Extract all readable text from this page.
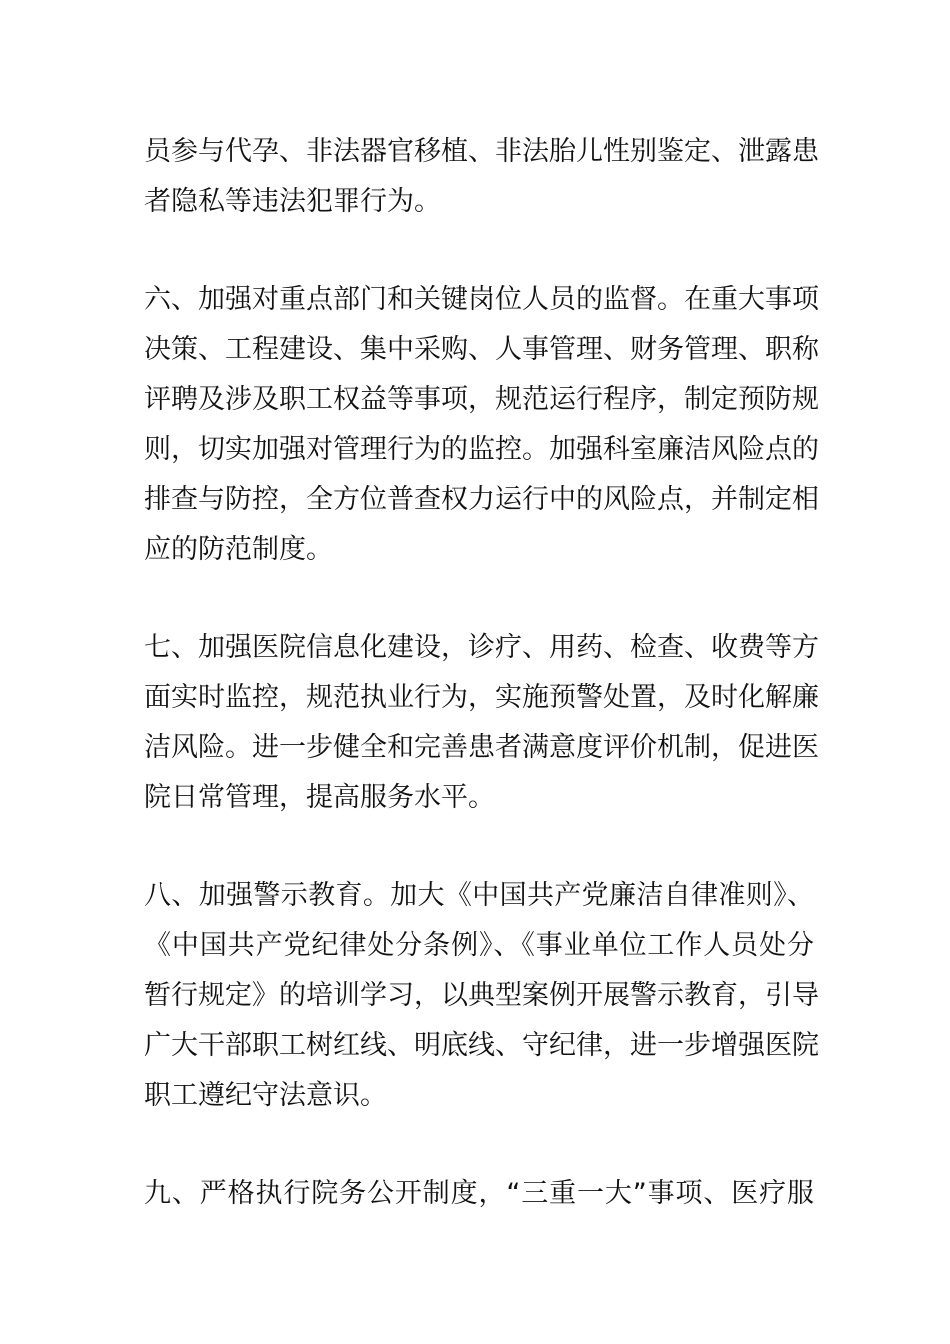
员参与代孕、非法器官移植、非法胎儿性别鉴定、泄露患
者隐私等违法犯罪行为。

六、加强对重点部门和关键岗位人员的监督。在重大事项
决策、工程建设、集中采购、人事管理、财务管理、职称
评聘及涉及职工权益等事项，规范运行程序，制定预防规
则，切实加强对管理行为的监控。加强科室廉洁风险点的
排查与防控，全方位普查权力运行中的风险点，并制定相
应的防范制度。

七、加强医院信息化建设，诊疗、用药、检查、收费等方
面实时监控，规范执业行为，实施预警处置，及时化解廉
洁风险。进一步健全和完善患者满意度评价机制，促进医
院日常管理，提高服务水平。

八、加强警示教育。加大《中国共产党廉洁自律准则》、
《中国共产党纪律处分条例》、《事业单位工作人员处分
暂行规定》的培训学习，以典型案例开展警示教育，引导
广大干部职工树红线、明底线、守纪律，进一步增强医院
职工遵纪守法意识。

九、严格执行院务公开制度，“三重一大”事项、医疗服
